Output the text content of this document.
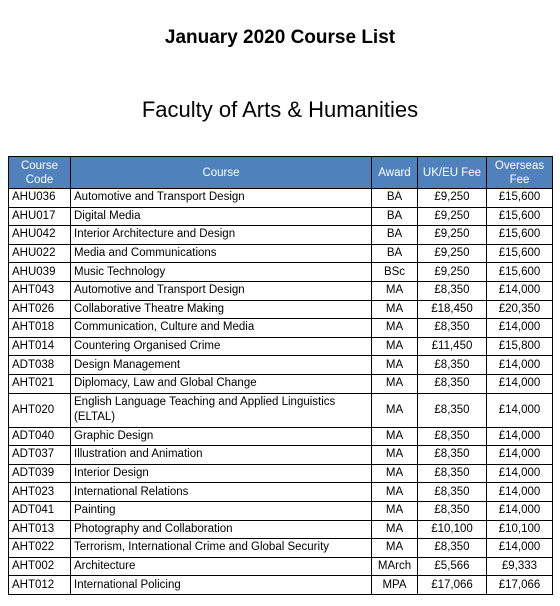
January 2020 Course List
Faculty of Arts & Humanities
Course Code	Course	Award	UK/EU Fee	Overseas Fee
AHU036	Automotive and Transport Design	BA	£9,250	£15,600
AHU017	Digital Media	BA	£9,250	£15,600
AHU042	Interior Architecture and Design	BA	£9,250	£15,600
AHU022	Media and Communications	BA	£9,250	£15,600
AHU039	Music Technology	BSc	£9,250	£15,600
AHT043	Automotive and Transport Design	MA	£8,350	£14,000
AHT026	Collaborative Theatre Making	MA	£18,450	£20,350
AHT018	Communication, Culture and Media	MA	£8,350	£14,000
AHT014	Countering Organised Crime	MA	£11,450	£15,800
ADT038	Design Management	MA	£8,350	£14,000
AHT021	Diplomacy, Law and Global Change	MA	£8,350	£14,000
AHT020	English Language Teaching and Applied Linguistics (ELTAL)	MA	£8,350	£14,000
ADT040	Graphic Design	MA	£8,350	£14,000
ADT037	Illustration and Animation	MA	£8,350	£14,000
ADT039	Interior Design	MA	£8,350	£14,000
AHT023	International Relations	MA	£8,350	£14,000
ADT041	Painting	MA	£8,350	£14,000
AHT013	Photography and Collaboration	MA	£10,100	£10,100
AHT022	Terrorism, International Crime and Global Security	MA	£8,350	£14,000
AHT002	Architecture	MArch	£5,566	£9,333
AHT012	International Policing	MPA	£17,066	£17,066
